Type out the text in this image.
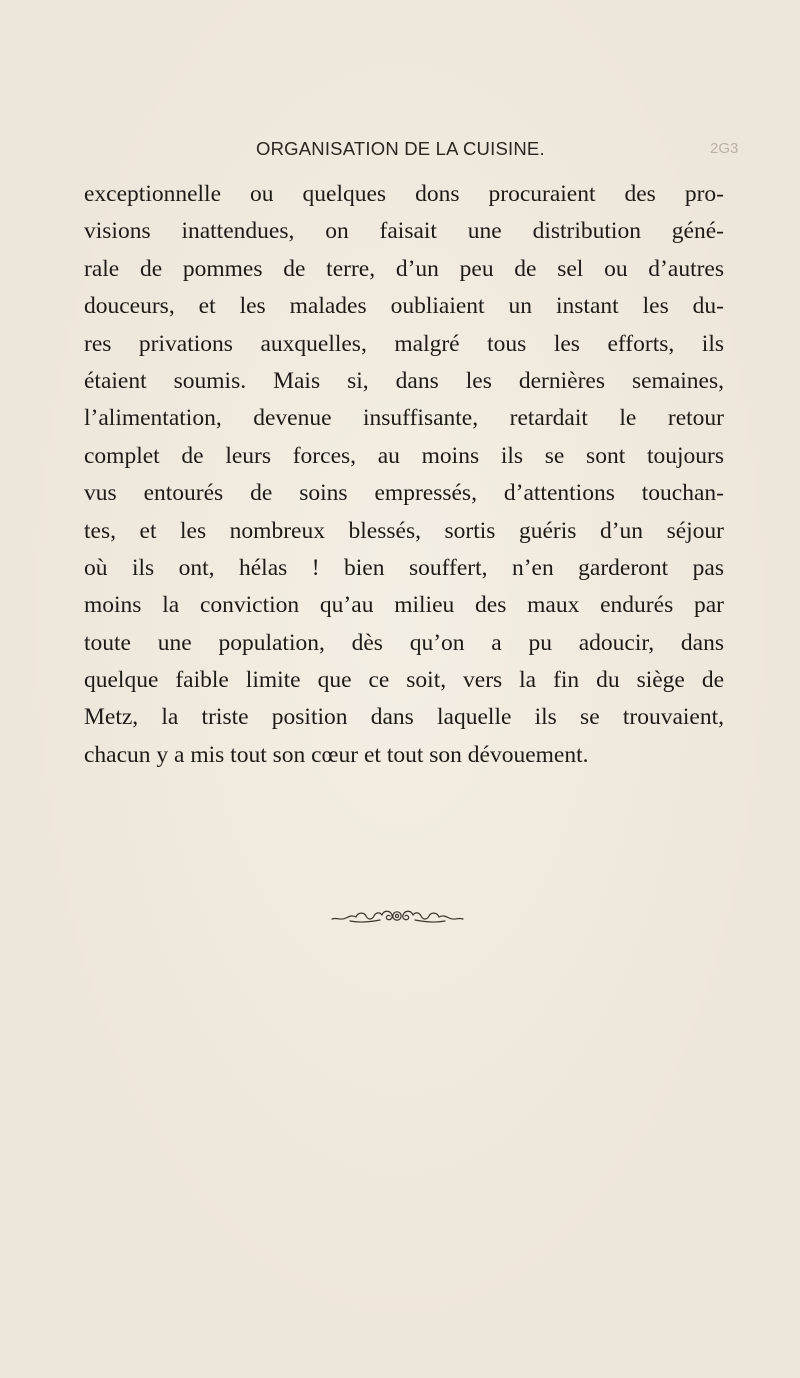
ORGANISATION DE LA CUISINE.	2G3
exceptionnelle ou quelques dons procuraient des pro-
visions inattendues, on faisait une distribution géné-
rale de pommes de terre, d’un peu de sel ou d’autres
douceurs, et les malades oubliaient un instant les du-
res privations auxquelles, malgré tous les efforts, ils
étaient soumis. Mais si, dans les dernières semaines,
l’alimentation, devenue insuffisante, retardait le retour
complet de leurs forces, au moins ils se sont toujours
vus entourés de soins empressés, d’attentions touchan-
tes, et les nombreux blessés, sortis guéris d’un séjour
où ils ont, hélas ! bien souffert, n’en garderont pas
moins la conviction qu’au milieu des maux endurés par
toute une population, dès qu’on a pu adoucir, dans
quelque faible limite que ce soit, vers la fin du siège de
Metz, la triste position dans laquelle ils se trouvaient,
chacun y a mis tout son cœur et tout son dévouement.
